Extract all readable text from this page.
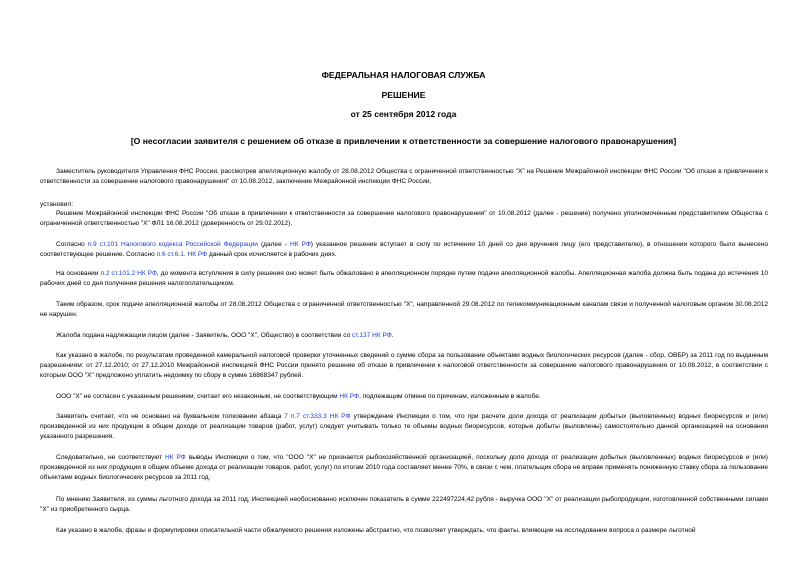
ФЕДЕРАЛЬНАЯ НАЛОГОВАЯ СЛУЖБА
РЕШЕНИЕ
от 25 сентября 2012 года
[О несогласии заявителя с решением об отказе в привлечении к ответственности за совершение налогового правонарушения]
Заместитель руководителя Управления ФНС России, рассмотрев апелляционную жалобу от 28.08.2012 Общества с ограниченной ответственностью "X" на Решение Межрайонной инспекции ФНС России "Об отказе в привлечении к ответственности за совершение налогового правонарушения" от 10.08.2012, заключение Межрайонной инспекции ФНС России,
установил:
Решение Межрайонной инспекции ФНС России "Об отказе в привлечении к ответственности за совершение налогового правонарушения" от 10.08.2012 (далее - решение) получено уполномоченным представителем Общества с ограниченной ответственностью "X" ФЛ1 16.08.2012 (доверенность от 29.02.2012).
Согласно п.9 ст.101 Налогового кодекса Российской Федерации (далее - НК РФ) указанное решение вступает в силу по истечении 10 дней со дня вручения лицу (его представителю), в отношении которого было вынесено соответствующее решение. Согласно п.6 ст.6.1. НК РФ данный срок исчисляется в рабочих днях.
На основании п.2 ст.101.2 НК РФ, до момента вступления в силу решения оно может быть обжаловано в апелляционном порядке путем подачи апелляционной жалобы. Апелляционная жалоба должна быть подана до истечения 10 рабочих дней со дня получения решения налогоплательщиком.
Таким образом, срок подачи апелляционной жалобы от 28.08.2012 Общества с ограниченной ответственностью "X", направленной 29.08.2012 по телекоммуникационным каналам связи и полученной налоговым органом 30.08.2012 не нарушен.
Жалоба подана надлежащим лицом (далее - Заявитель, ООО "X", Общество) в соответствии со ст.137 НК РФ.
Как указано в жалобе, по результатам проведенной камеральной налоговой проверки уточненных сведений о сумме сбора за пользование объектами водных биологических ресурсов (далее - сбор, ОВБР) за 2011 год по выданным разрешениям: от 27.12.2010; от 27.12.2010 Межрайонной инспекцией ФНС России принято решение об отказе в привлечении к налоговой ответственности за совершение налогового правонарушения от 10.08.2012, в соответствии с которым ООО "X" предложено уплатить недоимку по сбору в сумме 16868347 рублей.
ООО "X" не согласен с указанным решением, считает его незаконным, не соответствующим НК РФ, подлежащим отмене по причинам, изложенным в жалобе.
Заявитель считает, что не основано на буквальном толковании абзаца 7 п.7 ст.333.3 НК РФ утверждение Инспекции о том, что при расчете доли дохода от реализации добытых (выловленных) водных биоресурсов и (или) произведенной из них продукции в общем доходе от реализации товаров (работ, услуг) следует учитывать только те объемы водных биоресурсов, которые добыты (выловлены) самостоятельно данной организацией на основании указанного разрешения.
Следовательно, не соответствуют НК РФ выводы Инспекции о том, что "ООО "X" не признается рыбохозяйственной организацией, поскольку доля дохода от реализации добытых (выловленных) водных биоресурсов и (или) произведенной из них продукции в общем объеме дохода от реализации товаров, работ, услуг) по итогам 2010 года составляет менее 70%, в связи с чем, плательщик сбора не вправе применять пониженную ставку сбора за пользование объектами водных биологических ресурсов за 2011 год.
По мнению Заявителя, из суммы льготного дохода за 2011 год, Инспекцией необоснованно исключен показатель в сумме 222497224,42 рубля - выручка ООО "X" от реализации рыбопродукции, изготовленной собственными силами "X" из приобретенного сырца.
Как указано в жалобе, фразы и формулировки описательной части обжалуемого решения изложены абстрактно, что позволяет утверждать, что факты, влияющие на исследование вопроса о размере льготной
